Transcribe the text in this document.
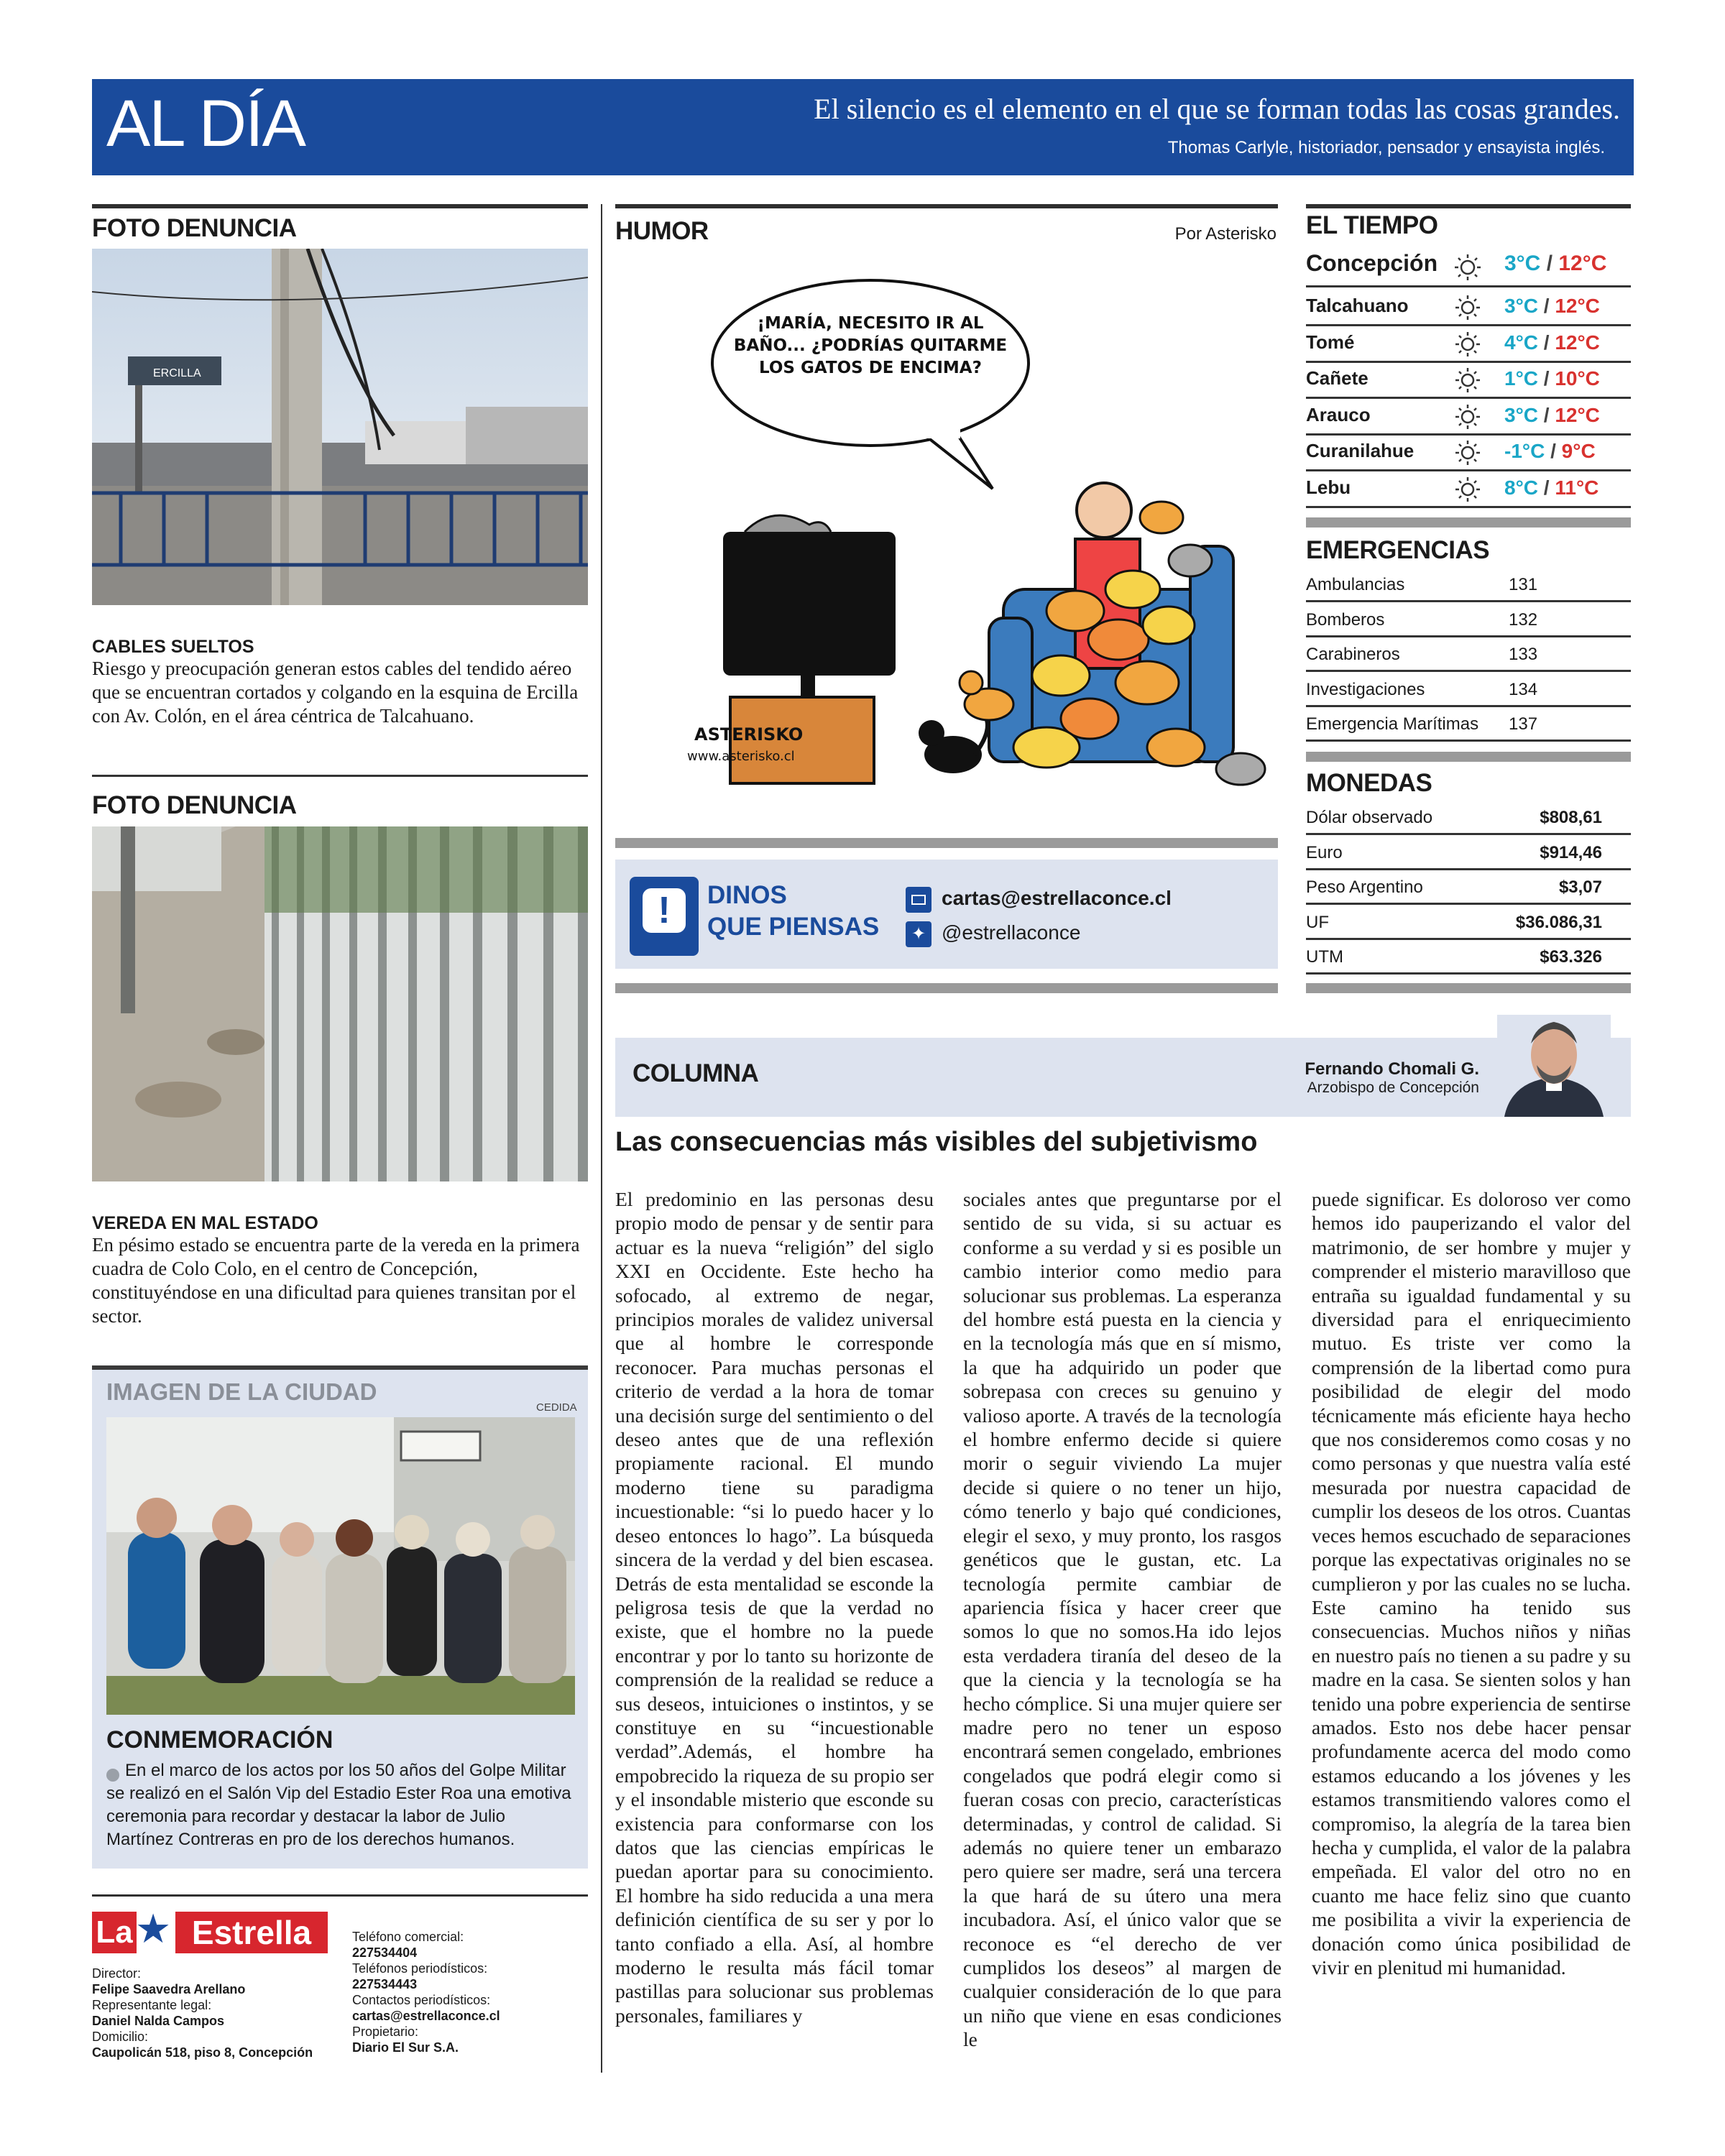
AL DÍA	El silencio es el elemento en el que se forman todas las cosas grandes.
Thomas Carlyle, historiador, pensador y ensayista inglés.
FOTO DENUNCIA
ERCILLA
CABLES SUELTOS
Riesgo y preocupación generan estos cables del tendido aéreo que se encuentran cortados y colgando en la esquina de Ercilla con Av. Colón, en el área céntrica de Talcahuano.
FOTO DENUNCIA
VEREDA EN MAL ESTADO
En pésimo estado se encuentra parte de la vereda en la primera cuadra de Colo Colo, en el centro de Concepción, constituyéndose en una dificultad para quienes transitan por el sector.
IMAGEN DE LA CIUDAD
CEDIDA
CONMEMORACIÓN
En el marco de los actos por los 50 años del Golpe Militar se realizó en el Salón Vip del Estadio Ester Roa una emotiva ceremonia para recordar y destacar la labor de Julio Martínez Contreras en pro de los derechos humanos.
La ★ Estrella
Director:
Felipe Saavedra Arellano
Representante legal:
Daniel Nalda Campos
Domicilio:
Caupolicán 518, piso 8, Concepción
Teléfono comercial:
227534404
Teléfonos periodísticos:
227534443
Contactos periodísticos:
cartas@estrellaconce.cl
Propietario:
Diario El Sur S.A.
HUMOR	Por Asterisko
¡MARÍA, NECESITO IR AL BAÑO... ¿PODRÍAS QUITARME LOS GATOS DE ENCIMA?
ASTERISKO
www.asterisko.cl
!	DINOS
QUE PIENSAS
cartas@estrellaconce.cl
✦ @estrellaconce
EL TIEMPO
Concepción	3°C / 12°C
Talcahuano	3°C / 12°C
Tomé	4°C / 12°C
Cañete	1°C / 10°C
Arauco	3°C / 12°C
Curanilahue	-1°C / 9°C
Lebu	8°C / 11°C
EMERGENCIAS
Ambulancias	131
Bomberos	132
Carabineros	133
Investigaciones	134
Emergencia Marítimas 137
MONEDAS
Dólar observado	$808,61
Euro	$914,46
Peso Argentino	$3,07
UF	$36.086,31
UTM	$63.326
COLUMNA	Fernando Chomali G.
Arzobispo de Concepción
Las consecuencias más visibles del subjetivismo
El predominio en las personas desu propio modo de pensar y de sentir para actuar es la nueva “religión” del siglo XXI en Occidente. Este hecho ha sofocado, al extremo de negar, principios morales de validez universal que al hombre le corresponde reconocer. Para muchas personas el criterio de verdad a la hora de tomar una decisión surge del sentimiento o del deseo antes que de una reflexión propiamente racional. El mundo moderno tiene su paradigma incuestionable: “si lo puedo hacer y lo deseo entonces lo hago”. La búsqueda sincera de la verdad y del bien escasea. Detrás de esta mentalidad se esconde la peligrosa tesis de que la verdad no existe, que el hombre no la puede encontrar y por lo tanto su horizonte de comprensión de la realidad se reduce a sus deseos, intuiciones o instintos, y se constituye en su “incuestionable verdad”.Además, el hombre ha empobrecido la riqueza de su propio ser y el insondable misterio que esconde su existencia para conformarse con los datos que las ciencias empíricas le puedan aportar para su conocimiento. El hombre ha sido reducida a una mera definición científica de su ser y por lo tanto confiado a ella. Así, al hombre moderno le resulta más fácil tomar pastillas para solucionar sus problemas personales, familiares y
sociales antes que preguntarse por el sentido de su vida, si su actuar es conforme a su verdad y si es posible un cambio interior como medio para solucionar sus problemas. La esperanza del hombre está puesta en la ciencia y en la tecnología más que en sí mismo, la que ha adquirido un poder que sobrepasa con creces su genuino y valioso aporte. A través de la tecnología el hombre enfermo decide si quiere morir o seguir viviendo La mujer decide si quiere o no tener un hijo, cómo tenerlo y bajo qué condiciones, elegir el sexo, y muy pronto, los rasgos genéticos que le gustan, etc. La tecnología permite cambiar de apariencia física y hacer creer que somos lo que no somos.Ha ido lejos esta verdadera tiranía del deseo de la que la ciencia y la tecnología se ha hecho cómplice. Si una mujer quiere ser madre pero no tener un esposo encontrará semen congelado, embriones congelados que podrá elegir como si fueran cosas con precio, características determinadas, y control de calidad. Si además no quiere tener un embarazo pero quiere ser madre, será una tercera la que hará de su útero una mera incubadora. Así, el único valor que se reconoce es “el derecho de ver cumplidos los deseos” al margen de cualquier consideración de lo que para un niño que viene en esas condiciones le
puede significar. Es doloroso ver como hemos ido pauperizando el valor del matrimonio, de ser hombre y mujer y comprender el misterio maravilloso que entraña su igualdad fundamental y su diversidad para el enriquecimiento mutuo. Es triste ver como la comprensión de la libertad como pura posibilidad de elegir del modo técnicamente más eficiente haya hecho que nos consideremos como cosas y no como personas y que nuestra valía esté mesurada por nuestra capacidad de cumplir los deseos de los otros. Cuantas veces hemos escuchado de separaciones porque las expectativas originales no se cumplieron y por las cuales no se lucha. Este camino ha tenido sus consecuencias. Muchos niños y niñas en nuestro país no tienen a su padre y su madre en la casa. Se sienten solos y han tenido una pobre experiencia de sentirse amados. Esto nos debe hacer pensar profundamente acerca del modo como estamos educando a los jóvenes y les estamos transmitiendo valores como el compromiso, la alegría de la tarea bien hecha y cumplida, el valor de la palabra empeñada. El valor del otro no en cuanto me hace feliz sino que cuanto me posibilita a vivir la experiencia de donación como única posibilidad de vivir en plenitud mi humanidad.
